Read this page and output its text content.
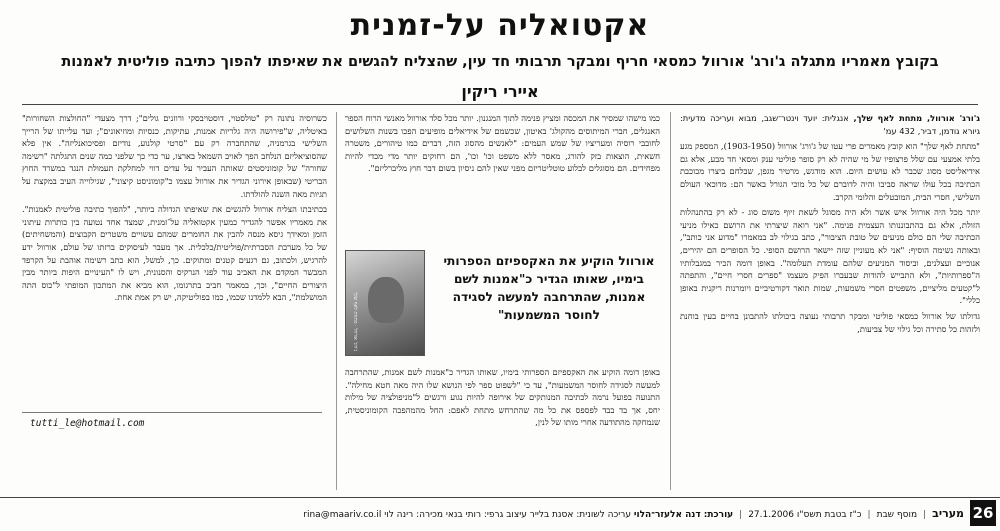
אקטואליה על-זמנית
בקובץ מאמריו מתגלה ג'ורג' אורוול כמסאי חריף ומבקר תרבותי חד עין, שהצליח להגשים את שאיפתו להפוך כתיבה פוליטית לאמנות
איירי ריקין

ג'ורג' אורוול, מתחת לאף שלך, אנגלית: יועד וינטר־שגב, מבוא ועריכה מדעית: גיורא גודמן, דביר, 432 עמ'

"מתחת לאף שלך" הוא קובץ מאמרים פרי עטו של ג'ורג' אורוול (1903-1950), המספק מגע בלתי אמצעי עם שלל פרצופיו של מי שהיה לא רק סופר פוליטי ענק ומסאי חד מבע, אלא גם אידיאליסט מסוג שכבר לא עושים היום. הוא מודגש, מרטיר מגפן, שבלחם ביצרו מכוכבת הכתיבה בכל עולו שראה סביבו והיה לדוברם של כל מוכי הגורל באשר הם: מדוכאי העולם השלישי, חסרי הבית, המובטלים והלומי הקרב.

יותר מכל היה אורוול איש אשר ולא היה מסוגל לשאת זיוף משום סוג - לא רק בהתנהלות הזולת, אלא גם בהתבוננותו העצמית פנימה. "אני רואה שיצרתי את הרושם כאילו מניעי הכתיבה שלי הם כולם מניעים של טובת הציבור", כתב בגילוי לב במאמרו "מדוע אני כותב", ובאותה נשימה הוסיף: "אני לא מעוניין שזה יישאר הרושם הסופי. כל הסופרים הם יהירים, אנוכיים ועצלנים, וביסוד המניעים שלהם עומדת תעלומה". באופן דומה הכיר במגבלותיו ה"ספרותיות", ולא התבייש להודות שבעברו הפיק מעצמו "ספרים חסרי חיים", והתפתה ל"קטעים מליציים, משפטים חסרי משמעות, שמות תואר דקורטיביים ויומרנות ריקנית באופן כללי".

גדולתו של אורוול כמסאי פוליטי ומבקר תרבותי נעוצה ביכולתו להתבונן בחיים בעין בוחנת ולזהות כל סתירה וכל גילוי של צביעות,

כמו מישהו שמסיר את המכסה ומציץ פנימה לתוך המנגנון. יותר מכל סלד אורוול מאנשי הרוח הספר האנגלים, חברי המיתוסים מהקולג' באיטון, שכשמם של אידיאלים מופיעים הפכו בשנות השלושים לחובבי רוסיה ומעריציו של שמש העמים: "לאנשים מהסוג הזה, דברים כמו טיהורים, משטרה חשאית, הוצאות בזק להורג, מאסר ללא משפט וכו' וכו', הם רחוקים יותר מדי מכדי להיות מפחידים. הם מסוגלים לבלוע טוטליטריזם מפני שאין להם ניסיון בשום דבר חוץ מליברליזם".

באופן דומה הוקיע את האקספיזם הספרותי בימיו, שאותו הגדיר כ"אמנות לשם אמנות, שהתרחבה למעשה לסגידה לחוסר המשמעות", עד כי "לשפוט ספר לפי הנושא שלו היה מאה חטא מחילה". התנועה בפועל נרמה לכתיבה המנותקים של אירופה להיות נגוע ורגשים ל"מניפולציה של מילות יחס, אך בד בבד לפספס את כל מה שהתרחש מתחת לאפם: החל מהמהפכה הקומוניסטית, שנמחקה מהתודעה אחרי מותו של לנין,

ג'ורג' אורוול · מתחת לאף שלך
אורוול הוקיע את האקספיזם הספרותי בימיו, שאותו הגדיר כ"אמנות לשם אמנות, שהתרחבה למעשה לסגידה לחוסר המשמעות"

כשרוסיה נתונה רק "טולסטוי, דוסטויבסקי ורוזנים גולים"; דרך מצעדי "החולצות השחורות" באיטליה, ש"פירושה היה גלריות אמנות, עתיקות, כנסיות ומוזיאונים"; ועד עלייתו של הרייך השלישי בגרמניה, שהתחברה רק עם "סרטי קולנוע, נודיזם ופסיכואנליזה". אין פלא שהסוציאליזם הנלחב הפך לאויב השמאל בארצו, ער כדי כך שלפני כמה שנים התגלתה "רשימה שחורה" של קומוניסטים שאותה העביר על עדים דווי למחלקת תעמולת הנגד במשרד החוץ הבריטי (שבאופן אירוני הגדיר את אורוול עצמו כ"קומוניסט קיצוני", שגילוייה העיב במקצת על תגיות מאה השנה להולדתו.

בכתיבתו הצליח אורוול להגשים את שאיפתו הגדולה ביותר, "להפוך כתיבה פוליטית לאמנות". את מאמריו אפשר להגדיר כמעין אקטואליה על־זמנית, שמצד אחד נטועה בין כותרות עיתוני הזמן ומאידך גיסא מנסה להבין את החומרים שמהם עשויים משטרים הקבוצים (והמשחיתים) של כל מערכת הסברתית/פוליטית/כלכלית. אך מעבר לעיסוקים ברזתו של עולם, אורוול ידע להרגיש, ולכתוב, גם רגעים קטנים ומתוקים. כך, למשל, הוא כתב רשימה אוהבת על הקרפד המבשר המקדם את האביב עוד לפני הנרקיס והסנונית, ויש לו "העינויים היפות ביותר מבין היצורים החיים", וכך, במאמר חביב בתרגומו, הוא מביא את המתכון המופתי ל"כוס התה המושלמת", הבא ללמדנו שכמו, כמו בפוליטיקה, יש רק אמת אחת.

tutti_le@hotmail.com
26
מעריב|מוסף שבת|כ"ז בטבת תשס"ו 27.1.2006|עורכת: דנה אלעזר־הלוי עריכה לשונית: אסנת בלייר עיצוב גרפי: רותי בנאי מכירה: רינה לוי rina@maariv.co.il
